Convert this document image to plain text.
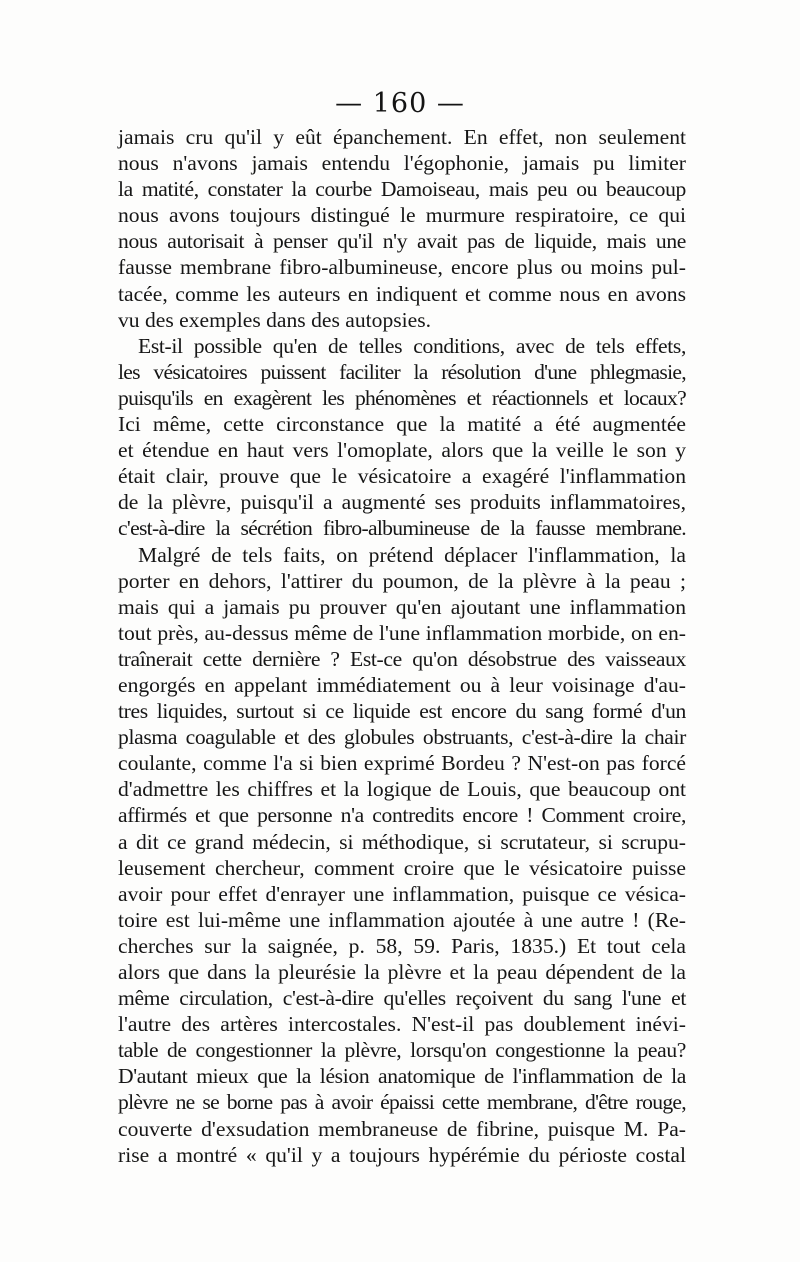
— 160 —

jamais cru qu'il y eût épanchement. En effet, non seulement

nous n'avons jamais entendu l'égophonie, jamais pu limiter

la matité, constater la courbe Damoiseau, mais peu ou beaucoup

nous avons toujours distingué le murmure respiratoire, ce qui

nous autorisait à penser qu'il n'y avait pas de liquide, mais une

fausse membrane fibro-albumineuse, encore plus ou moins pul-

tacée, comme les auteurs en indiquent et comme nous en avons

vu des exemples dans des autopsies.

Est-il possible qu'en de telles conditions, avec de tels effets,

les vésicatoires puissent faciliter la résolution d'une phlegmasie,

puisqu'ils en exagèrent les phénomènes et réactionnels et locaux?

Ici même, cette circonstance que la matité a été augmentée

et étendue en haut vers l'omoplate, alors que la veille le son y

était clair, prouve que le vésicatoire a exagéré l'inflammation

de la plèvre, puisqu'il a augmenté ses produits inflammatoires,

c'est-à-dire la sécrétion fibro-albumineuse de la fausse membrane.

Malgré de tels faits, on prétend déplacer l'inflammation, la

porter en dehors, l'attirer du poumon, de la plèvre à la peau ;

mais qui a jamais pu prouver qu'en ajoutant une inflammation

tout près, au-dessus même de l'une inflammation morbide, on en-

traînerait cette dernière ? Est-ce qu'on désobstrue des vaisseaux

engorgés en appelant immédiatement ou à leur voisinage d'au-

tres liquides, surtout si ce liquide est encore du sang formé d'un

plasma coagulable et des globules obstruants, c'est-à-dire la chair

coulante, comme l'a si bien exprimé Bordeu ? N'est-on pas forcé

d'admettre les chiffres et la logique de Louis, que beaucoup ont

affirmés et que personne n'a contredits encore ! Comment croire,

a dit ce grand médecin, si méthodique, si scrutateur, si scrupu-

leusement chercheur, comment croire que le vésicatoire puisse

avoir pour effet d'enrayer une inflammation, puisque ce vésica-

toire est lui-même une inflammation ajoutée à une autre ! (Re-

cherches sur la saignée, p. 58, 59. Paris, 1835.) Et tout cela

alors que dans la pleurésie la plèvre et la peau dépendent de la

même circulation, c'est-à-dire qu'elles reçoivent du sang l'une et

l'autre des artères intercostales. N'est-il pas doublement inévi-

table de congestionner la plèvre, lorsqu'on congestionne la peau?

D'autant mieux que la lésion anatomique de l'inflammation de la

plèvre ne se borne pas à avoir épaissi cette membrane, d'être rouge,

couverte d'exsudation membraneuse de fibrine, puisque M. Pa-

rise a montré « qu'il y a toujours hypérémie du périoste costal
